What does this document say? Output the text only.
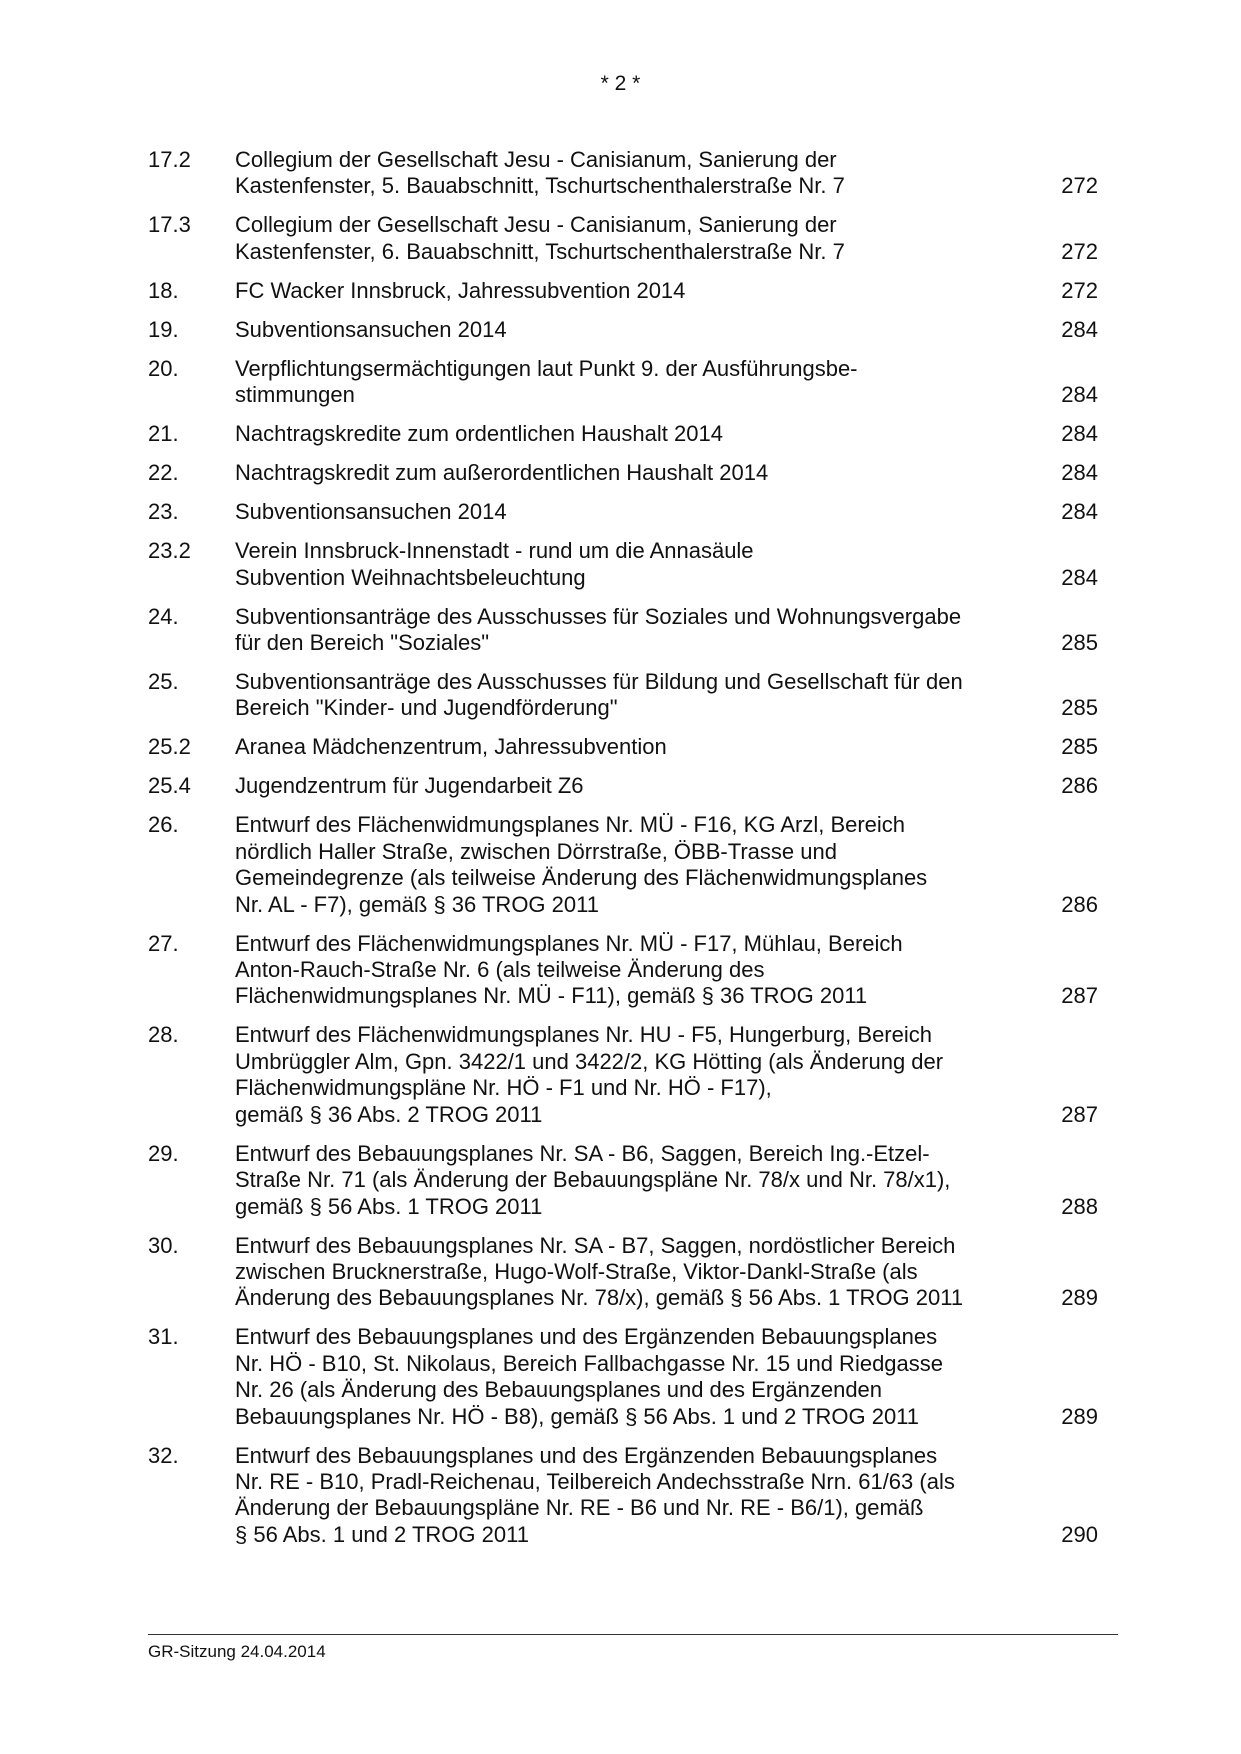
* 2 *
17.2	Collegium der Gesellschaft Jesu - Canisianum, Sanierung der
Kastenfenster, 5. Bauabschnitt, Tschurtschenthalerstraße Nr. 7	272
17.3	Collegium der Gesellschaft Jesu - Canisianum, Sanierung der
Kastenfenster, 6. Bauabschnitt, Tschurtschenthalerstraße Nr. 7	272
18.	FC Wacker Innsbruck, Jahressubvention 2014	272
19.	Subventionsansuchen 2014	284
20.	Verpflichtungsermächtigungen laut Punkt 9. der Ausführungsbe-
stimmungen	284
21.	Nachtragskredite zum ordentlichen Haushalt 2014	284
22.	Nachtragskredit zum außerordentlichen Haushalt 2014	284
23.	Subventionsansuchen 2014	284
23.2	Verein Innsbruck-Innenstadt - rund um die Annasäule
Subvention Weihnachtsbeleuchtung	284
24.	Subventionsanträge des Ausschusses für Soziales und Wohnungsvergabe
für den Bereich "Soziales"	285
25.	Subventionsanträge des Ausschusses für Bildung und Gesellschaft für den
Bereich "Kinder- und Jugendförderung"	285
25.2	Aranea Mädchenzentrum, Jahressubvention	285
25.4	Jugendzentrum für Jugendarbeit Z6	286
26.	Entwurf des Flächenwidmungsplanes Nr. MÜ - F16, KG Arzl, Bereich
nördlich Haller Straße, zwischen Dörrstraße, ÖBB-Trasse und
Gemeindegrenze (als teilweise Änderung des Flächenwidmungsplanes
Nr. AL - F7), gemäß § 36 TROG 2011	286
27.	Entwurf des Flächenwidmungsplanes Nr. MÜ - F17, Mühlau, Bereich
Anton-Rauch-Straße Nr. 6 (als teilweise Änderung des
Flächenwidmungsplanes Nr. MÜ - F11), gemäß § 36 TROG 2011	287
28.	Entwurf des Flächenwidmungsplanes Nr. HU - F5, Hungerburg, Bereich
Umbrüggler Alm, Gpn. 3422/1 und 3422/2, KG Hötting (als Änderung der
Flächenwidmungspläne Nr. HÖ - F1 und Nr. HÖ - F17),
gemäß § 36 Abs. 2 TROG 2011	287
29.	Entwurf des Bebauungsplanes Nr. SA - B6, Saggen, Bereich Ing.-Etzel-
Straße Nr. 71 (als Änderung der Bebauungspläne Nr. 78/x und Nr. 78/x1),
gemäß § 56 Abs. 1 TROG 2011	288
30.	Entwurf des Bebauungsplanes Nr. SA - B7, Saggen, nordöstlicher Bereich
zwischen Brucknerstraße, Hugo-Wolf-Straße, Viktor-Dankl-Straße (als
Änderung des Bebauungsplanes Nr. 78/x), gemäß § 56 Abs. 1 TROG 2011	289
31.	Entwurf des Bebauungsplanes und des Ergänzenden Bebauungsplanes
Nr. HÖ - B10, St. Nikolaus, Bereich Fallbachgasse Nr. 15 und Riedgasse
Nr. 26 (als Änderung des Bebauungsplanes und des Ergänzenden
Bebauungsplanes Nr. HÖ - B8), gemäß § 56 Abs. 1 und 2 TROG 2011	289
32.	Entwurf des Bebauungsplanes und des Ergänzenden Bebauungsplanes
Nr. RE - B10, Pradl-Reichenau, Teilbereich Andechsstraße Nrn. 61/63 (als
Änderung der Bebauungspläne Nr. RE - B6 und Nr. RE - B6/1), gemäß
§ 56 Abs. 1 und 2 TROG 2011	290
GR-Sitzung 24.04.2014
